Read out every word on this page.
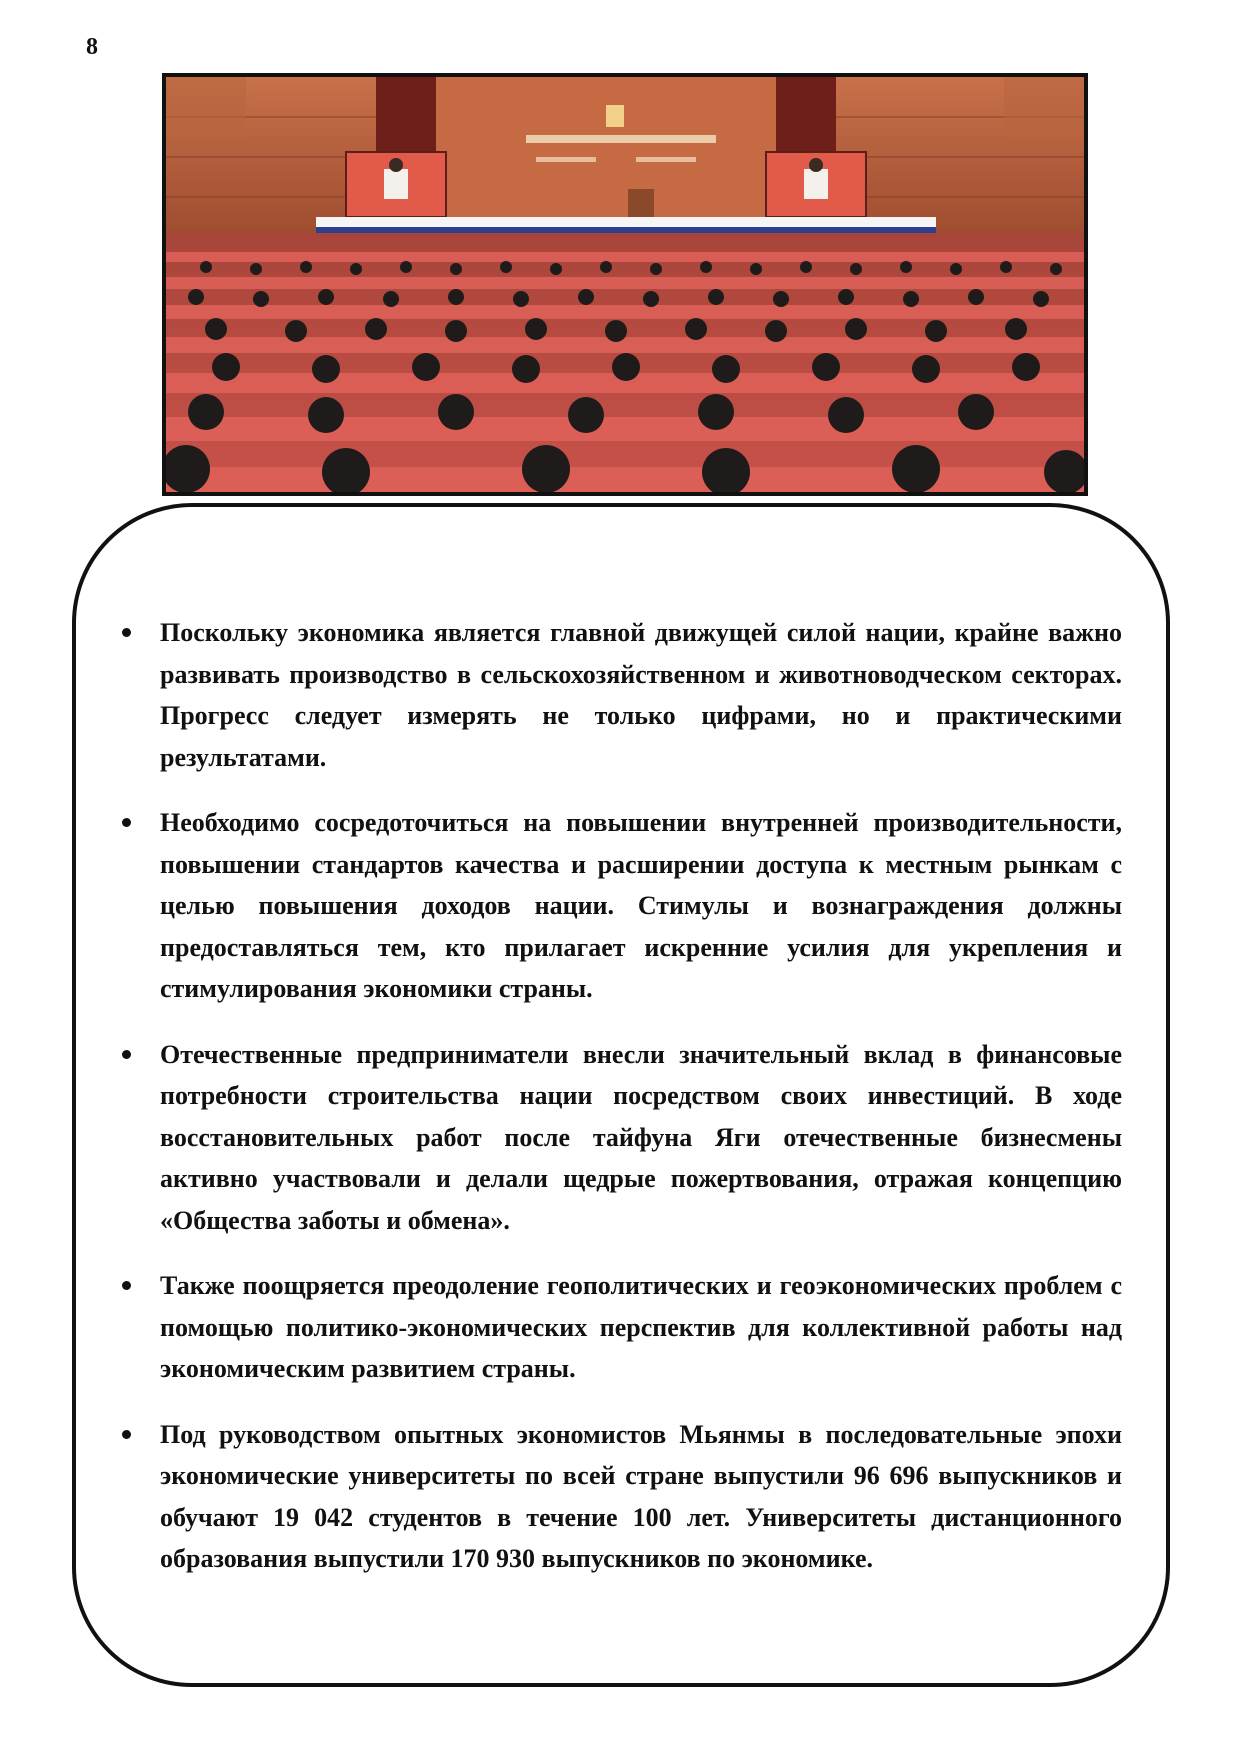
8
Поскольку экономика является главной движущей силой нации, крайне важно развивать производство в сельскохозяйственном и животноводческом секторах. Прогресс следует измерять не только цифрами, но и практическими результатами.
Необходимо сосредоточиться на повышении внутренней производительности, повышении стандартов качества и расширении доступа к местным рынкам с целью повышения доходов нации. Стимулы и вознаграждения должны предоставляться тем, кто прилагает искренние усилия для укрепления и стимулирования экономики страны.
Отечественные предприниматели внесли значительный вклад в финансовые потребности строительства нации посредством своих инвестиций. В ходе восстановительных работ после тайфуна Яги отечественные бизнесмены активно участвовали и делали щедрые пожертвования, отражая концепцию «Общества заботы и обмена».
Также поощряется преодоление геополитических и геоэкономических проблем с помощью политико-экономических перспектив для коллективной работы над экономическим развитием страны.
Под руководством опытных экономистов Мьянмы в последовательные эпохи экономические университеты по всей стране выпустили 96 696 выпускников и обучают 19 042 студентов в течение 100 лет. Университеты дистанционного образования выпустили 170 930 выпускников по экономике.
